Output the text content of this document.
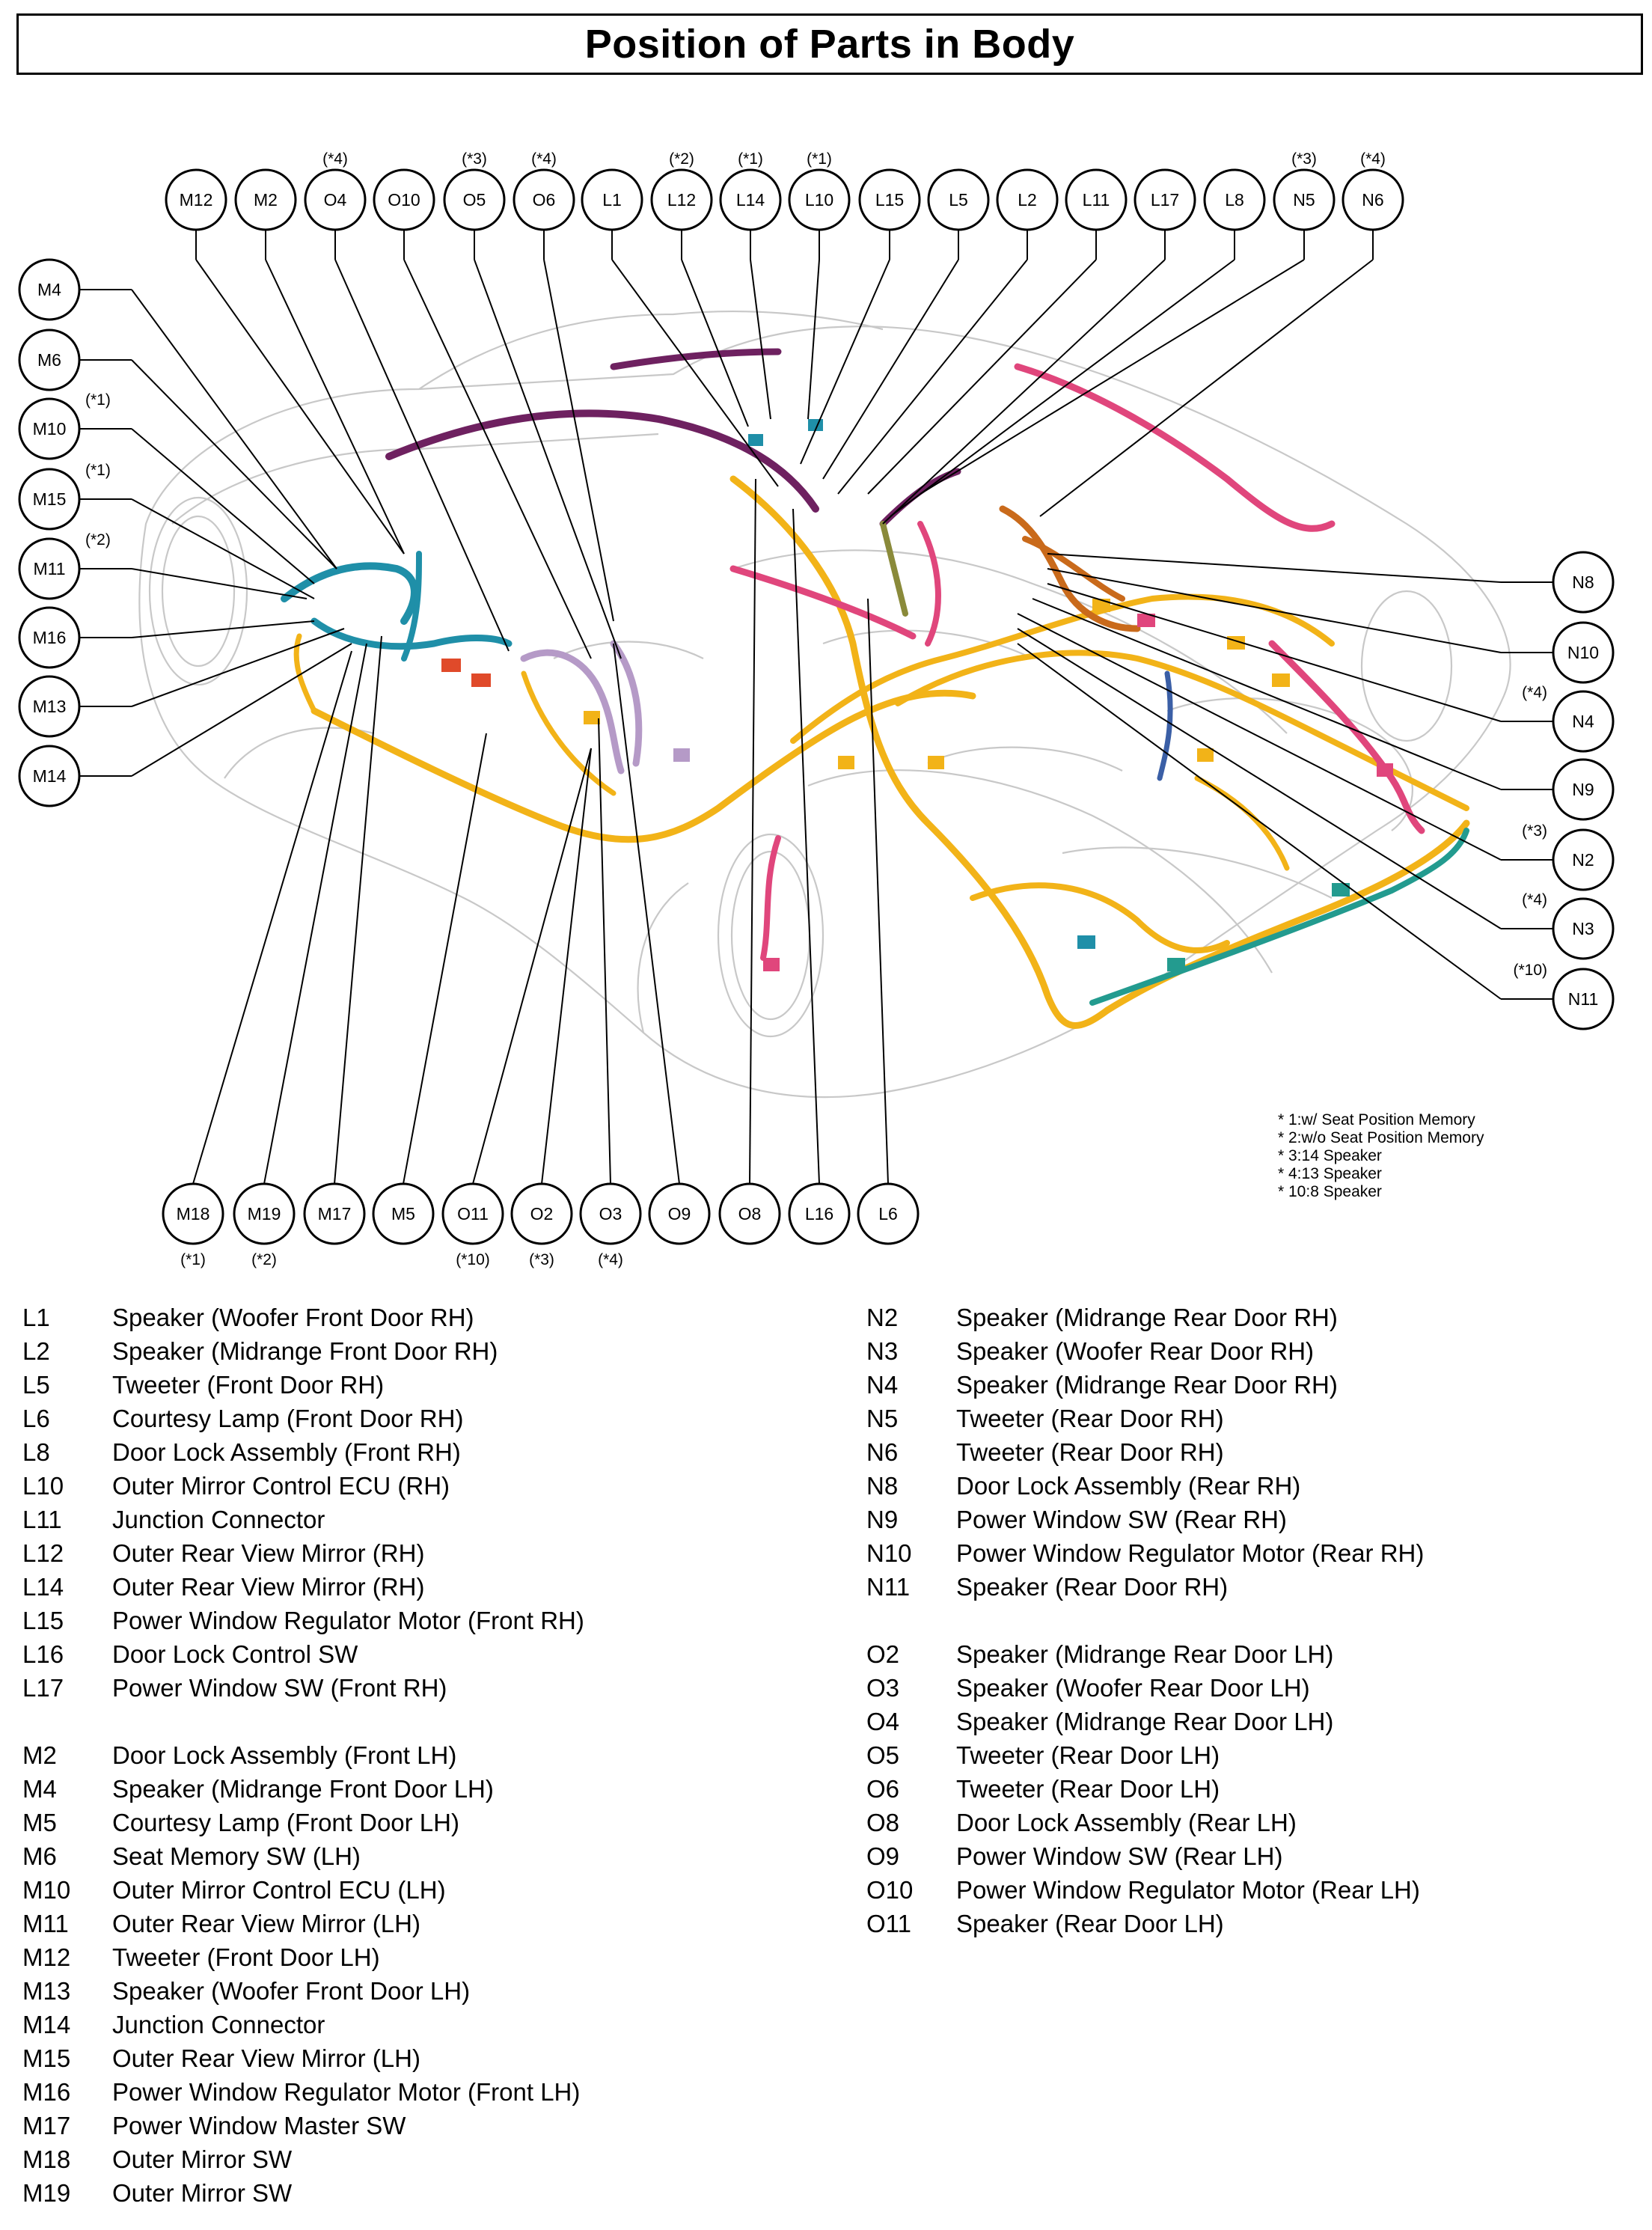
Position of Parts in Body
M12 M2	O4
(*4)
O10 O5
(*3)
O6
(*4)
L1	L12
(*2)
L14
(*1)
L10
(*1)
L15	L5	L2	L11 L17	L8	N5
(*3)
N6
(*4)
M4
M6
M10
(*1)
M15
(*1)
M11
(*2)
M16
M13
M14
N8
N10
N4
(*4)
N9
N2
(*3)
N3
(*4)
N11
(*10)
M18
(*1)
M19
(*2)
M17 M5 O11
(*10)
O2
(*3)
O3
(*4)
O9	O8	L16	L6
* 1:w/ Seat Position Memory
* 2:w/o Seat Position Memory
* 3:14 Speaker
* 4:13 Speaker
* 10:8 Speaker
L1	Speaker (Woofer Front Door RH)
L2	Speaker (Midrange Front Door RH)
L5	Tweeter (Front Door RH)
L6	Courtesy Lamp (Front Door RH)
L8	Door Lock Assembly (Front RH)
L10	Outer Mirror Control ECU (RH)
L11	Junction Connector
L12	Outer Rear View Mirror (RH)
L14	Outer Rear View Mirror (RH)
L15	Power Window Regulator Motor (Front RH)
L16	Door Lock Control SW
L17	Power Window SW (Front RH)
M2	Door Lock Assembly (Front LH)
M4	Speaker (Midrange Front Door LH)
M5	Courtesy Lamp (Front Door LH)
M6	Seat Memory SW (LH)
M10	Outer Mirror Control ECU (LH)
M11	Outer Rear View Mirror (LH)
M12	Tweeter (Front Door LH)
M13	Speaker (Woofer Front Door LH)
M14	Junction Connector
M15	Outer Rear View Mirror (LH)
M16	Power Window Regulator Motor (Front LH)
M17	Power Window Master SW
M18	Outer Mirror SW
M19	Outer Mirror SW
N2	Speaker (Midrange Rear Door RH)
N3	Speaker (Woofer Rear Door RH)
N4	Speaker (Midrange Rear Door RH)
N5	Tweeter (Rear Door RH)
N6	Tweeter (Rear Door RH)
N8	Door Lock Assembly (Rear RH)
N9	Power Window SW (Rear RH)
N10	Power Window Regulator Motor (Rear RH)
N11	Speaker (Rear Door RH)
O2	Speaker (Midrange Rear Door LH)
O3	Speaker (Woofer Rear Door LH)
O4	Speaker (Midrange Rear Door LH)
O5	Tweeter (Rear Door LH)
O6	Tweeter (Rear Door LH)
O8	Door Lock Assembly (Rear LH)
O9	Power Window SW (Rear LH)
O10	Power Window Regulator Motor (Rear LH)
O11	Speaker (Rear Door LH)
